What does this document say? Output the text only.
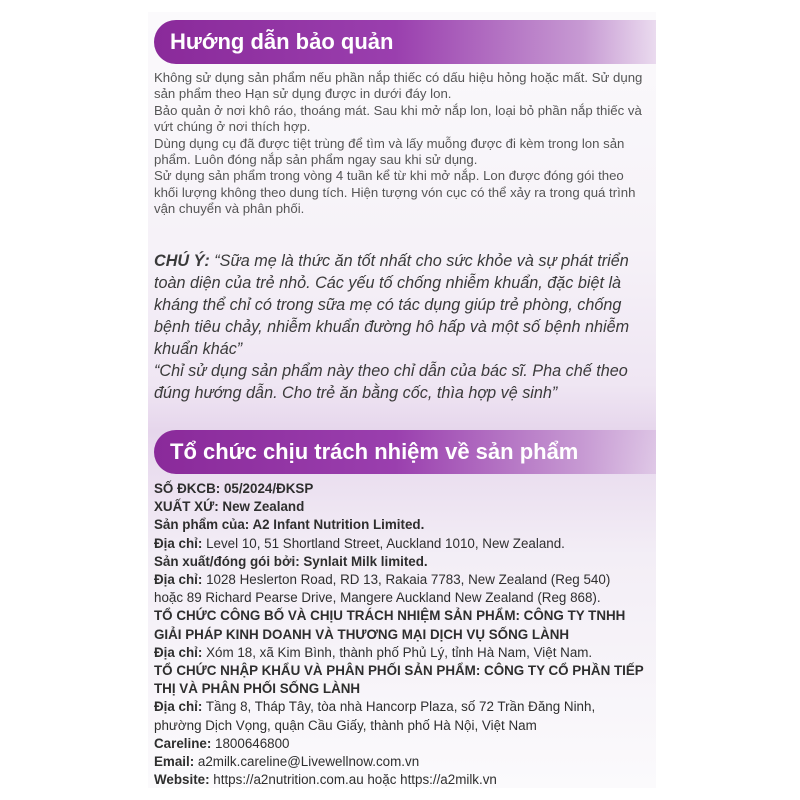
Hướng dẫn bảo quản

Không sử dụng sản phẩm nếu phần nắp thiếc có dấu hiệu hỏng hoặc mất. Sử dụng sản phẩm theo Hạn sử dụng được in dưới đáy lon.

Bảo quản ở nơi khô ráo, thoáng mát. Sau khi mở nắp lon, loại bỏ phần nắp thiếc và vứt chúng ở nơi thích hợp.

Dùng dụng cụ đã được tiệt trùng để tìm và lấy muỗng được đi kèm trong lon sản phẩm. Luôn đóng nắp sản phẩm ngay sau khi sử dụng.

Sử dụng sản phẩm trong vòng 4 tuần kể từ khi mở nắp. Lon được đóng gói theo khối lượng không theo dung tích. Hiện tượng vón cục có thể xảy ra trong quá trình vận chuyển và phân phối.

CHÚ Ý: “Sữa mẹ là thức ăn tốt nhất cho sức khỏe và sự phát triển toàn diện của trẻ nhỏ. Các yếu tố chống nhiễm khuẩn, đặc biệt là kháng thể chỉ có trong sữa mẹ có tác dụng giúp trẻ phòng, chống bệnh tiêu chảy, nhiễm khuẩn đường hô hấp và một số bệnh nhiễm khuẩn khác”

“Chỉ sử dụng sản phẩm này theo chỉ dẫn của bác sĩ. Pha chế theo đúng hướng dẫn. Cho trẻ ăn bằng cốc, thìa hợp vệ sinh”

Tổ chức chịu trách nhiệm về sản phẩm
SỐ ĐKCB: 05/2024/ĐKSP
XUẤT XỨ: New Zealand
Sản phẩm của: A2 Infant Nutrition Limited.
Địa chỉ: Level 10, 51 Shortland Street, Auckland 1010, New Zealand.
Sản xuất/đóng gói bởi: Synlait Milk limited.
Địa chỉ: 1028 Heslerton Road, RD 13, Rakaia 7783, New Zealand (Reg 540)
hoặc 89 Richard Pearse Drive, Mangere Auckland New Zealand (Reg 868).
TỔ CHỨC CÔNG BỐ VÀ CHỊU TRÁCH NHIỆM SẢN PHẨM: CÔNG TY TNHH GIẢI PHÁP KINH DOANH VÀ THƯƠNG MẠI DỊCH VỤ SỐNG LÀNH
Địa chỉ: Xóm 18, xã Kim Bình, thành phố Phủ Lý, tỉnh Hà Nam, Việt Nam.
TỔ CHỨC NHẬP KHẨU VÀ PHÂN PHỐI SẢN PHẨM: CÔNG TY CỔ PHẦN TIẾP THỊ VÀ PHÂN PHỐI SỐNG LÀNH
Địa chỉ: Tầng 8, Tháp Tây, tòa nhà Hancorp Plaza, số 72 Trần Đăng Ninh,
phường Dịch Vọng, quận Cầu Giấy, thành phố Hà Nội, Việt Nam
Careline: 1800646800
Email: a2milk.careline@Livewellnow.com.vn
Website: https://a2nutrition.com.au hoặc https://a2milk.vn
